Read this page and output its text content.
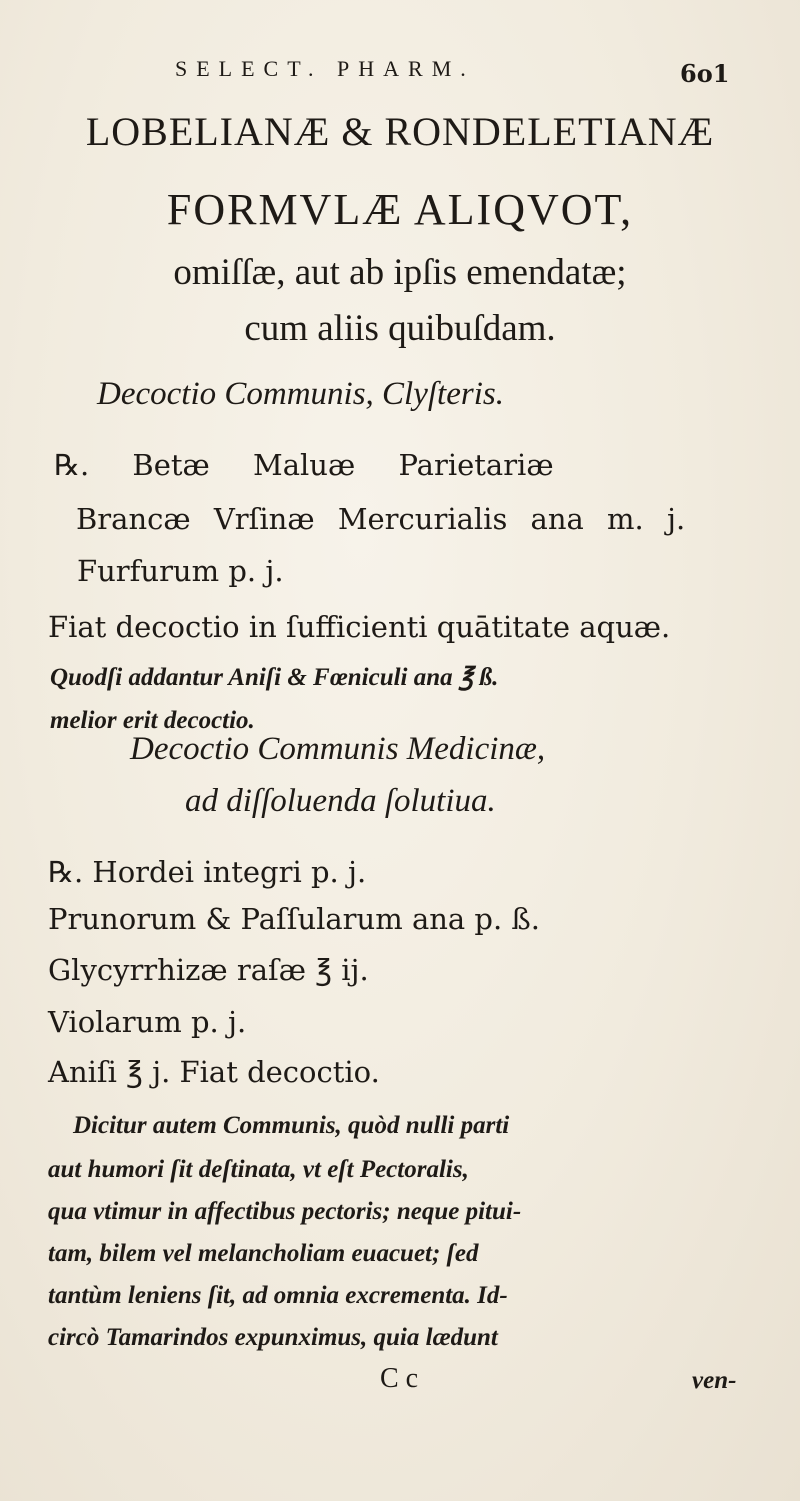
SELECT. PHARM.	6o1
LOBELIANÆ & RONDELETIANÆ
FORMVLÆ ALIQVOT,
omiſſæ, aut ab ipſis emendatæ;
cum aliis quibuſdam.
Decoctio Communis, Clyſteris.
℞. Betæ Maluæ Parietariæ
Brancæ Vrſinæ Mercurialis ana m. j.
Furfurum p. j.
Fiat decoctio in ſufficienti quātitate aquæ.
Quodſi addantur Aniſi & Fœniculi ana ℥ ß.
melior erit decoctio.
Decoctio Communis Medicinæ,
ad diſſoluenda ſolutiua.
℞. Hordei integri p. j.
Prunorum & Paſſularum ana p. ß.
Glycyrrhizæ raſæ ℥ ij.
Violarum p. j.
Aniſi ℥ j. Fiat decoctio.
Dicitur autem Communis, quòd nulli parti
aut humori ſit deſtinata, vt eſt Pectoralis,
qua vtimur in affectibus pectoris; neque pitui-
tam, bilem vel melancholiam euacuet; ſed
tantùm leniens ſit, ad omnia excrementa. Id-
circò Tamarindos expunximus, quia lædunt
C c	ven-
